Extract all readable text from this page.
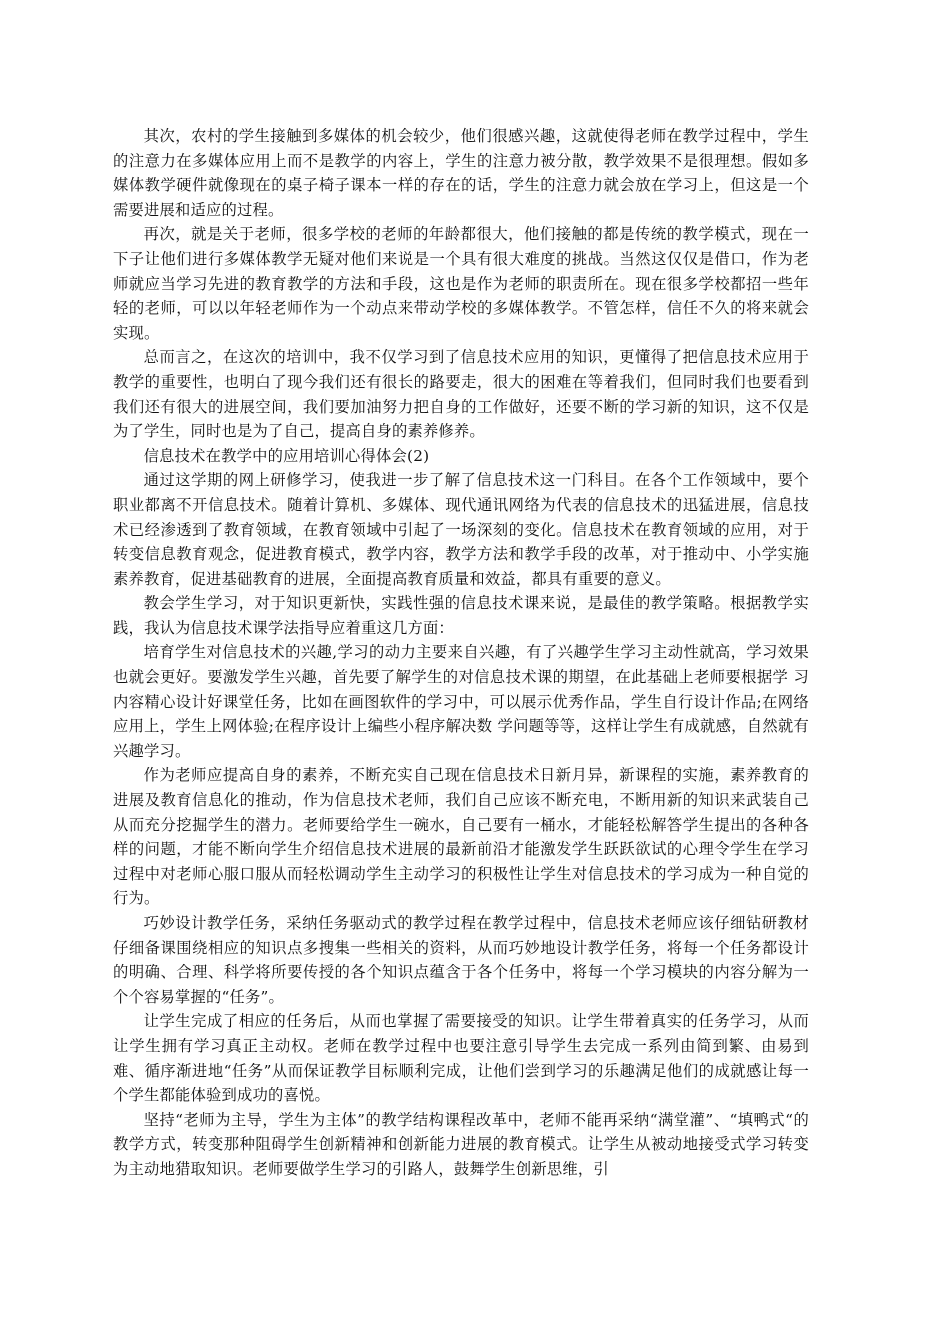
其次，农村的学生接触到多媒体的机会较少，他们很感兴趣，这就使得老师在教学过程中，学生的注意力在多媒体应用上而不是教学的内容上，学生的注意力被分散，教学效果不是很理想。假如多媒体教学硬件就像现在的桌子椅子课本一样的存在的话，学生的注意力就会放在学习上，但这是一个需要进展和适应的过程。

再次，就是关于老师，很多学校的老师的年龄都很大，他们接触的都是传统的教学模式，现在一下子让他们进行多媒体教学无疑对他们来说是一个具有很大难度的挑战。当然这仅仅是借口，作为老师就应当学习先进的教育教学的方法和手段，这也是作为老师的职责所在。现在很多学校都招一些年轻的老师，可以以年轻老师作为一个动点来带动学校的多媒体教学。不管怎样，信任不久的将来就会实现。

总而言之，在这次的培训中，我不仅学习到了信息技术应用的知识，更懂得了把信息技术应用于教学的重要性，也明白了现今我们还有很长的路要走，很大的困难在等着我们，但同时我们也要看到我们还有很大的进展空间，我们要加油努力把自身的工作做好，还要不断的学习新的知识，这不仅是为了学生，同时也是为了自己，提高自身的素养修养。

信息技术在教学中的应用培训心得体会(2)

通过这学期的网上研修学习，使我进一步了解了信息技术这一门科目。在各个工作领域中，要个职业都离不开信息技术。随着计算机、多媒体、现代通讯网络为代表的信息技术的迅猛进展，信息技术已经渗透到了教育领域，在教育领域中引起了一场深刻的变化。信息技术在教育领域的应用，对于转变信息教育观念，促进教育模式，教学内容，教学方法和教学手段的改革，对于推动中、小学实施素养教育，促进基础教育的进展，全面提高教育质量和效益，都具有重要的意义。

教会学生学习，对于知识更新快，实践性强的信息技术课来说，是最佳的教学策略。根据教学实践，我认为信息技术课学法指导应着重这几方面：

培育学生对信息技术的兴趣,学习的动力主要来自兴趣，有了兴趣学生学习主动性就高，学习效果也就会更好。要激发学生兴趣，首先要了解学生的对信息技术课的期望，在此基础上老师要根据学 习内容精心设计好课堂任务，比如在画图软件的学习中，可以展示优秀作品，学生自行设计作品;在网络应用上，学生上网体验;在程序设计上编些小程序解决数 学问题等等，这样让学生有成就感，自然就有兴趣学习。

作为老师应提高自身的素养，不断充实自己现在信息技术日新月异，新课程的实施，素养教育的进展及教育信息化的推动，作为信息技术老师，我们自己应该不断充电，不断用新的知识来武装自己从而充分挖掘学生的潜力。老师要给学生一碗水，自己要有一桶水，才能轻松解答学生提出的各种各样的问题，才能不断向学生介绍信息技术进展的最新前沿才能激发学生跃跃欲试的心理令学生在学习过程中对老师心服口服从而轻松调动学生主动学习的积极性让学生对信息技术的学习成为一种自觉的行为。

巧妙设计教学任务，采纳任务驱动式的教学过程在教学过程中，信息技术老师应该仔细钻研教材仔细备课围绕相应的知识点多搜集一些相关的资料，从而巧妙地设计教学任务，将每一个任务都设计的明确、合理、科学将所要传授的各个知识点蕴含于各个任务中，将每一个学习模块的内容分解为一个个容易掌握的“任务”。

让学生完成了相应的任务后，从而也掌握了需要接受的知识。让学生带着真实的任务学习，从而让学生拥有学习真正主动权。老师在教学过程中也要注意引导学生去完成一系列由简到繁、由易到难、循序渐进地“任务”从而保证教学目标顺利完成，让他们尝到学习的乐趣满足他们的成就感让每一个学生都能体验到成功的喜悦。

坚持“老师为主导，学生为主体”的教学结构课程改革中，老师不能再采纳“满堂灌”、“填鸭式“的教学方式，转变那种阻碍学生创新精神和创新能力进展的教育模式。让学生从被动地接受式学习转变为主动地猎取知识。老师要做学生学习的引路人，鼓舞学生创新思维，引
